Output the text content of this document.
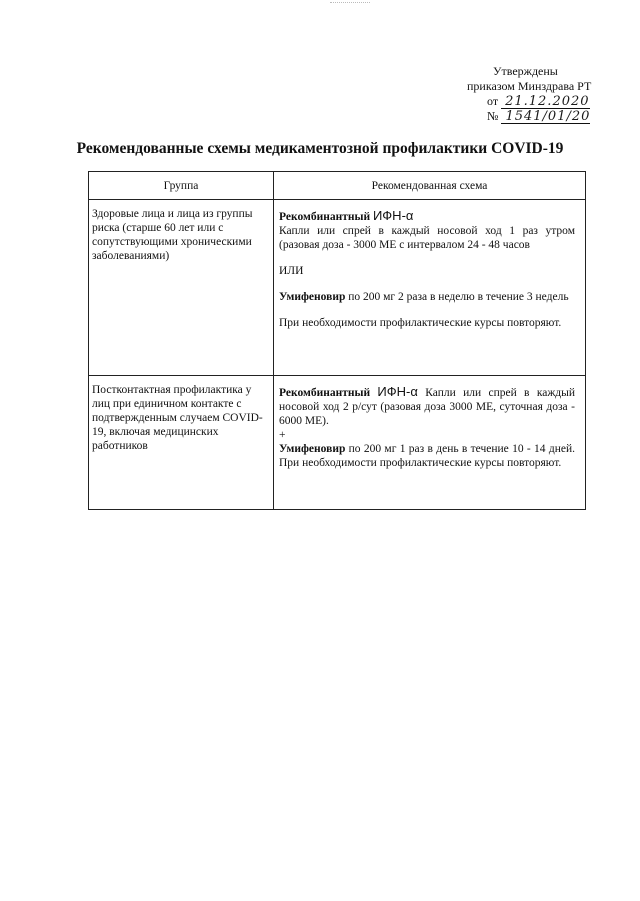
Утверждены
приказом Минздрава РТ
от 21.12.2020
№ 1541/01/20
Рекомендованные схемы медикаментозной профилактики COVID-19
Группа	Рекомендованная схема
Здоровые лица и лица из группы риска (старше 60 лет или с сопутствующими хроническими заболеваниями)	Рекомбинантный ИФН-α
Капли или спрей в каждый носовой ход 1 раз утром (разовая доза - 3000 МЕ с интервалом 24 - 48 часов
ИЛИ
Умифеновир по 200 мг 2 раза в неделю в течение 3 недель
При необходимости профилактические курсы повторяют.

Постконтактная профилактика у лиц при единичном контакте с подтвержденным случаем COVID-19, включая медицинских работников	Рекомбинантный ИФН-α Капли или спрей в каждый носовой ход 2 р/сут (разовая доза 3000 МЕ, суточная доза - 6000 МЕ).
+
Умифеновир по 200 мг 1 раз в день в течение 10 - 14 дней. При необходимости профилактические курсы повторяют.
